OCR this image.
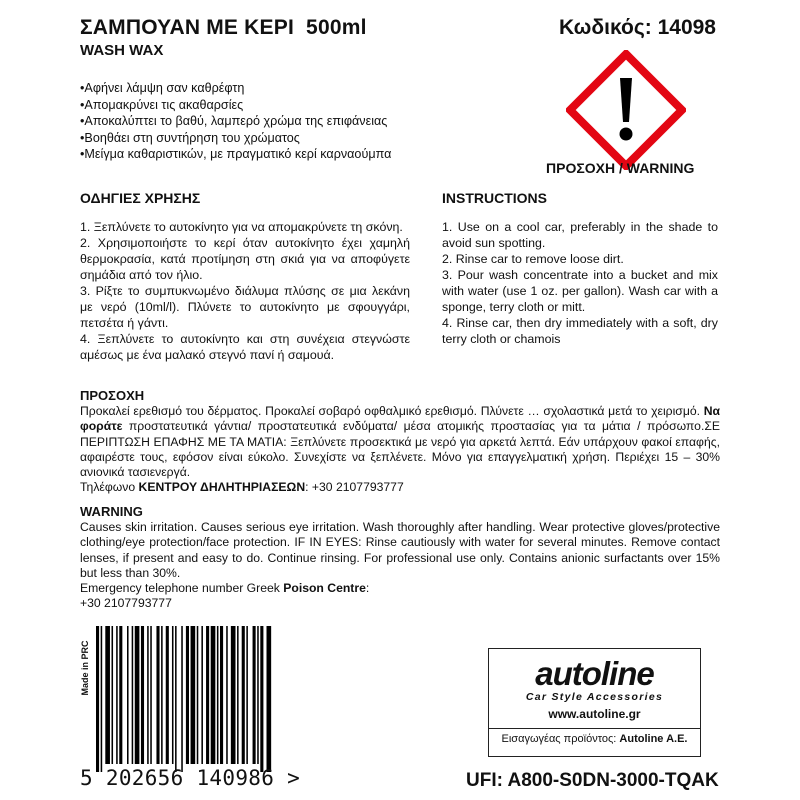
ΣΑΜΠΟΥΑΝ ΜΕ ΚΕΡΙ  500ml
WASH WAX
Κωδικός: 14098
• Αφήνει λάμψη σαν καθρέφτη
• Απομακρύνει τις ακαθαρσίες
• Αποκαλύπτει το βαθύ, λαμπερό χρώμα της επιφάνειας
• Βοηθάει στη συντήρηση του χρώματος
• Μείγμα καθαριστικών, με πραγματικό κερί καρναούμπα
ΠΡΟΣΟΧΗ / WARNING
ΟΔΗΓΙΕΣ ΧΡΗΣΗΣ

1. Ξεπλύνετε το αυτοκίνητο για να απομακρύνετε τη σκόνη.

2. Χρησιμοποιήστε το κερί όταν αυτοκίνητο έχει χαμηλή θερμοκρασία, κατά προτίμηση στη σκιά για να αποφύγετε σημάδια από τον ήλιο.

3. Ρίξτε το συμπυκνωμένο διάλυμα πλύσης σε μια λεκάνη με νερό (10ml/l). Πλύνετε το αυτοκίνητο με σφουγγάρι, πετσέτα ή γάντι.

4. Ξεπλύνετε το αυτοκίνητο και στη συνέχεια στεγνώστε αμέσως με ένα μαλακό στεγνό πανί ή σαμουά.

INSTRUCTIONS

1. Use on a cool car, preferably in the shade to avoid sun spotting.

2. Rinse car to remove loose dirt.

3. Pour wash concentrate into a bucket and mix with water (use 1 oz. per gallon). Wash car with a sponge, terry cloth or mitt.

4. Rinse car, then dry immediately with a soft, dry terry cloth or chamois

ΠΡΟΣΟΧΗ

Προκαλεί ερεθισμό του δέρματος. Προκαλεί σοβαρό οφθαλμικό ερεθισμό. Πλύνετε … σχολαστικά μετά το χειρισμό. Να φοράτε προστατευτικά γάντια/ προστατευτικά ενδύματα/ μέσα ατομικής προστασίας για τα μάτια / πρόσωπο.ΣΕ ΠΕΡΙΠΤΩΣΗ ΕΠΑΦΗΣ ΜΕ ΤΑ ΜΑΤΙΑ: Ξεπλύνετε προσεκτικά με νερό για αρκετά λεπτά. Εάν υπάρχουν φακοί επαφής, αφαιρέστε τους, εφόσον είναι εύκολο. Συνεχίστε να ξεπλένετε. Μόνο για επαγγελματική χρήση. Περιέχει 15 – 30% ανιονικά τασιενεργά.

Τηλέφωνο ΚΕΝΤΡΟΥ ΔΗΛΗΤΗΡΙΑΣΕΩΝ: +30 2107793777

WARNING

Causes skin irritation. Causes serious eye irritation. Wash thoroughly after handling. Wear protective gloves/protective clothing/eye protection/face protection. IF IN EYES: Rinse cautiously with water for several minutes. Remove contact lenses, if present and easy to do. Continue rinsing. For professional use only. Contains anionic surfactants over 15% but less than 30%.

Emergency telephone number Greek Poison Centre:

+30 2107793777

Made in PRC
5 202656 140986 >
autoline
Car Style Accessories
www.autoline.gr
Εισαγωγέας προϊόντος: Autoline A.E.
UFI: A800-S0DN-3000-TQAK
